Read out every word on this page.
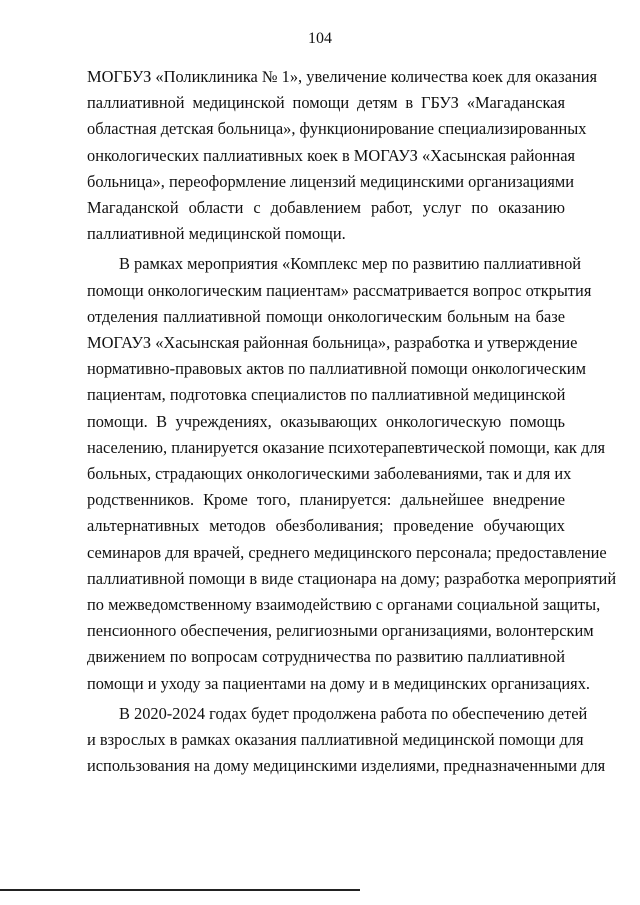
104

МОГБУЗ «Поликлиника № 1», увеличение количества коек для оказания
паллиативной медицинской помощи детям в ГБУЗ «Магаданская
областная детская больница», функционирование специализированных
онкологических паллиативных коек в МОГАУЗ «Хасынская районная
больница», переоформление лицензий медицинскими организациями
Магаданской области с добавлением работ, услуг по оказанию
паллиативной медицинской помощи.

В рамках мероприятия «Комплекс мер по развитию паллиативной
помощи онкологическим пациентам» рассматривается вопрос открытия
отделения паллиативной помощи онкологическим больным на базе
МОГАУЗ «Хасынская районная больница», разработка и утверждение
нормативно-правовых актов по паллиативной помощи онкологическим
пациентам, подготовка специалистов по паллиативной медицинской
помощи. В учреждениях, оказывающих онкологическую помощь
населению, планируется оказание психотерапевтической помощи, как для
больных, страдающих онкологическими заболеваниями, так и для их
родственников. Кроме того, планируется: дальнейшее внедрение
альтернативных методов обезболивания; проведение обучающих
семинаров для врачей, среднего медицинского персонала; предоставление
паллиативной помощи в виде стационара на дому; разработка мероприятий
по межведомственному взаимодействию с органами социальной защиты,
пенсионного обеспечения, религиозными организациями, волонтерским
движением по вопросам сотрудничества по развитию паллиативной
помощи и уходу за пациентами на дому и в медицинских организациях.

В 2020-2024 годах будет продолжена работа по обеспечению детей
и взрослых в рамках оказания паллиативной медицинской помощи для
использования на дому медицинскими изделиями, предназначенными для
